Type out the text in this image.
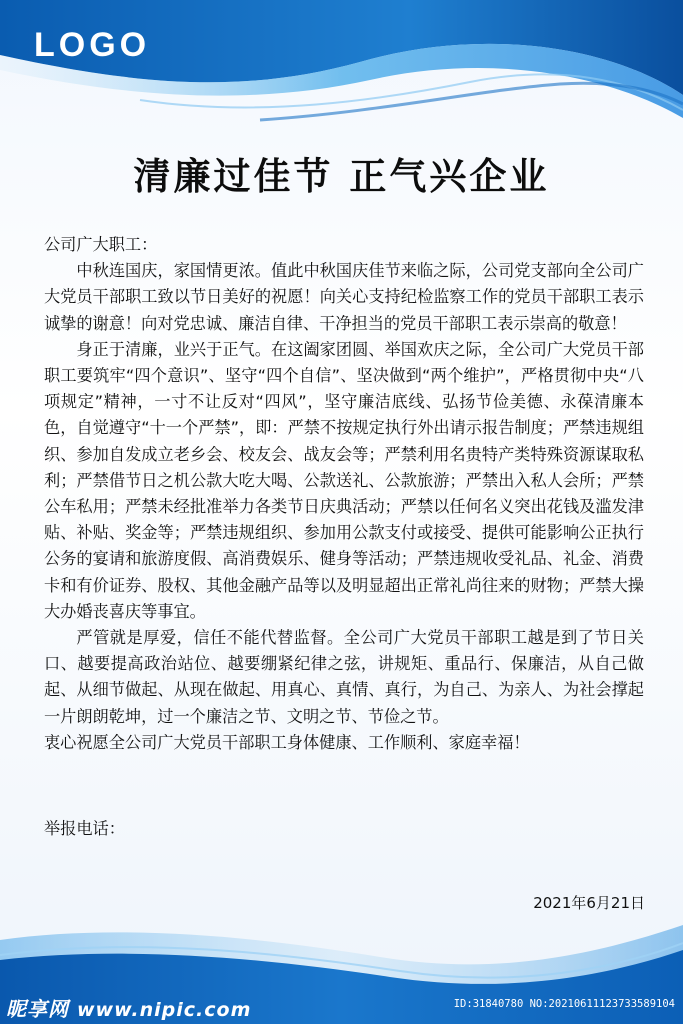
LOGO
清廉过佳节 正气兴企业

公司广大职工：

中秋连国庆，家国情更浓。值此中秋国庆佳节来临之际，公司党支部向全公司广大党员干部职工致以节日美好的祝愿！向关心支持纪检监察工作的党员干部职工表示诚挚的谢意！向对党忠诚、廉洁自律、干净担当的党员干部职工表示崇高的敬意！

身正于清廉，业兴于正气。在这阖家团圆、举国欢庆之际，全公司广大党员干部职工要筑牢“四个意识”、坚守“四个自信”、坚决做到“两个维护”，严格贯彻中央“八项规定”精神，一寸不让反对“四风”，坚守廉洁底线、弘扬节俭美德、永葆清廉本色，自觉遵守“十一个严禁”，即：严禁不按规定执行外出请示报告制度；严禁违规组织、参加自发成立老乡会、校友会、战友会等；严禁利用名贵特产类特殊资源谋取私利；严禁借节日之机公款大吃大喝、公款送礼、公款旅游；严禁出入私人会所；严禁公车私用；严禁未经批准举力各类节日庆典活动；严禁以任何名义突出花钱及滥发津贴、补贴、奖金等；严禁违规组织、参加用公款支付或接受、提供可能影响公正执行公务的宴请和旅游度假、高消费娱乐、健身等活动；严禁违规收受礼品、礼金、消费卡和有价证券、股权、其他金融产品等以及明显超出正常礼尚往来的财物；严禁大操大办婚丧喜庆等事宜。

严管就是厚爱，信任不能代替监督。全公司广大党员干部职工越是到了节日关口、越要提高政治站位、越要绷紧纪律之弦，讲规矩、重品行、保廉洁，从自己做起、从细节做起、从现在做起、用真心、真情、真行，为自己、为亲人、为社会撑起一片朗朗乾坤，过一个廉洁之节、文明之节、节俭之节。

衷心祝愿全公司广大党员干部职工身体健康、工作顺利、家庭幸福！

举报电话：
2021年6月21日
昵享网 www.nipic.com	ID:31840780 NO:20210611123733589104
